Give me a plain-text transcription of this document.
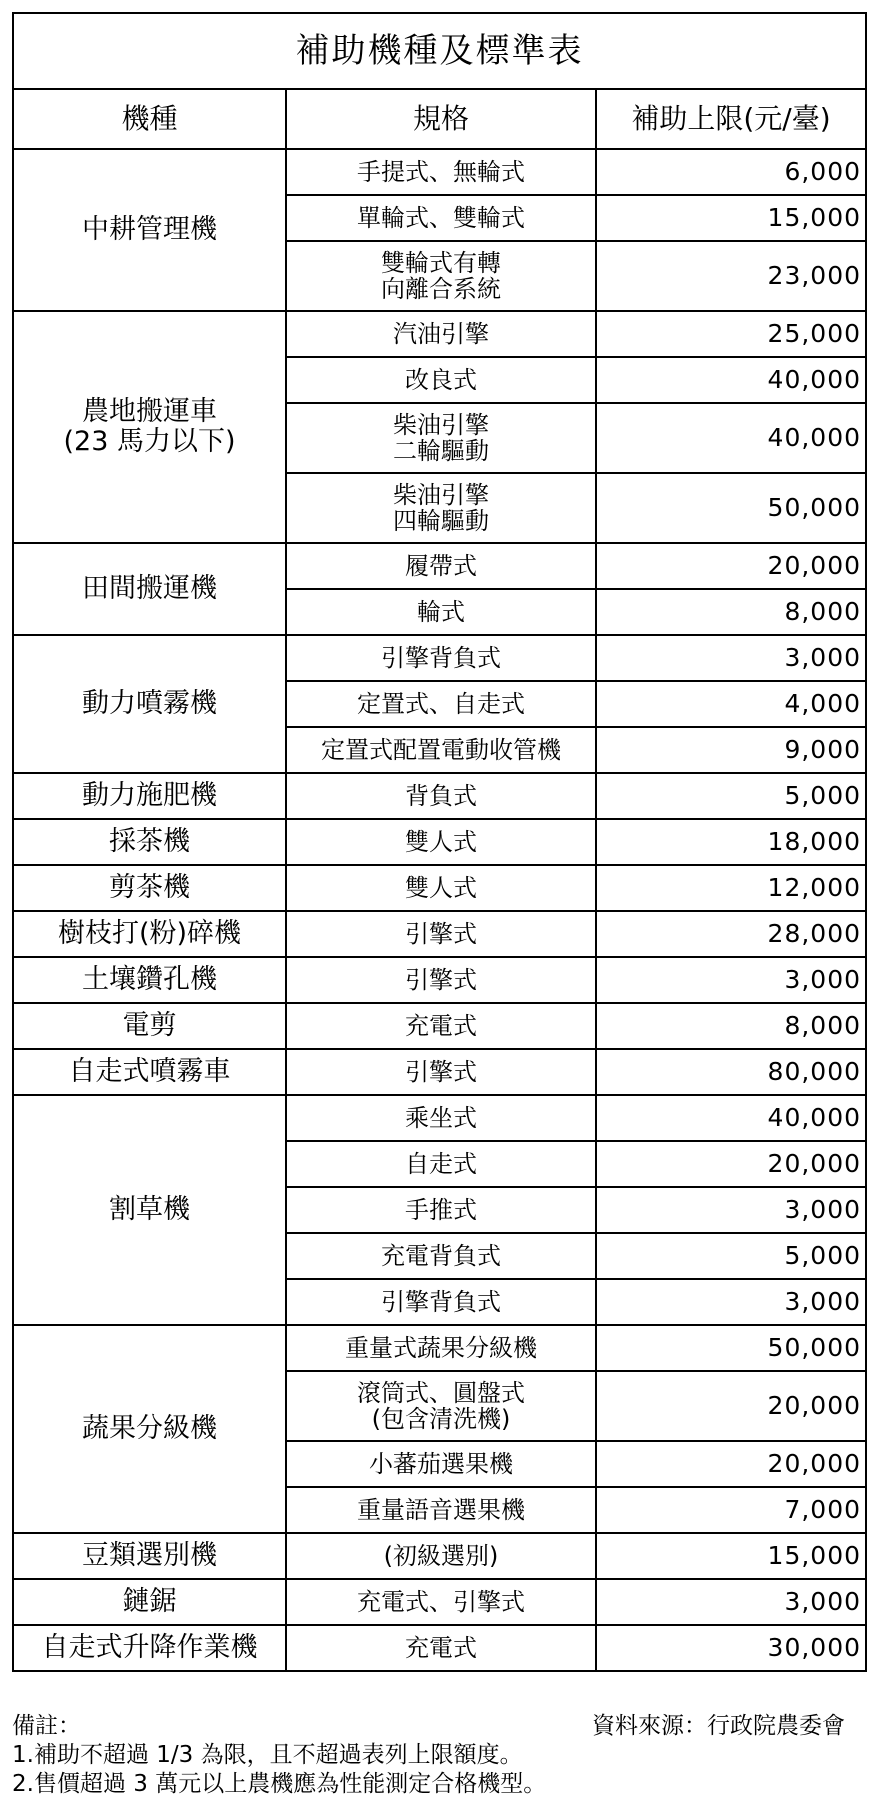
補助機種及標準表		
機種	規格	補助上限(元/臺)

中耕管理機	手提式、無輪式	6,000

	單輪式、雙輪式	15,000

	雙輪式有轉
向離合系統	23,000

農地搬運車
(23 馬力以下)	汽油引擎	25,000

	改良式	40,000

	柴油引擎
二輪驅動	40,000

	柴油引擎
四輪驅動	50,000

田間搬運機	履帶式	20,000

	輪式	8,000

動力噴霧機	引擎背負式	3,000

	定置式、自走式	4,000

	定置式配置電動收管機	9,000

動力施肥機	背負式	5,000

採茶機	雙人式	18,000

剪茶機	雙人式	12,000

樹枝打(粉)碎機	引擎式	28,000

土壤鑽孔機	引擎式	3,000

電剪	充電式	8,000

自走式噴霧車	引擎式	80,000

割草機	乘坐式	40,000

	自走式	20,000

	手推式	3,000

	充電背負式	5,000

	引擎背負式	3,000

蔬果分級機	重量式蔬果分級機	50,000

	滾筒式、圓盤式
(包含清洗機)	20,000

	小蕃茄選果機	20,000

	重量語音選果機	7,000

豆類選別機	(初級選別)	15,000

鏈鋸	充電式、引擎式	3,000

自走式升降作業機	充電式	30,000
備註：	資料來源：行政院農委會
1.補助不超過 1/3 為限，且不超過表列上限額度。
2.售價超過 3 萬元以上農機應為性能測定合格機型。
